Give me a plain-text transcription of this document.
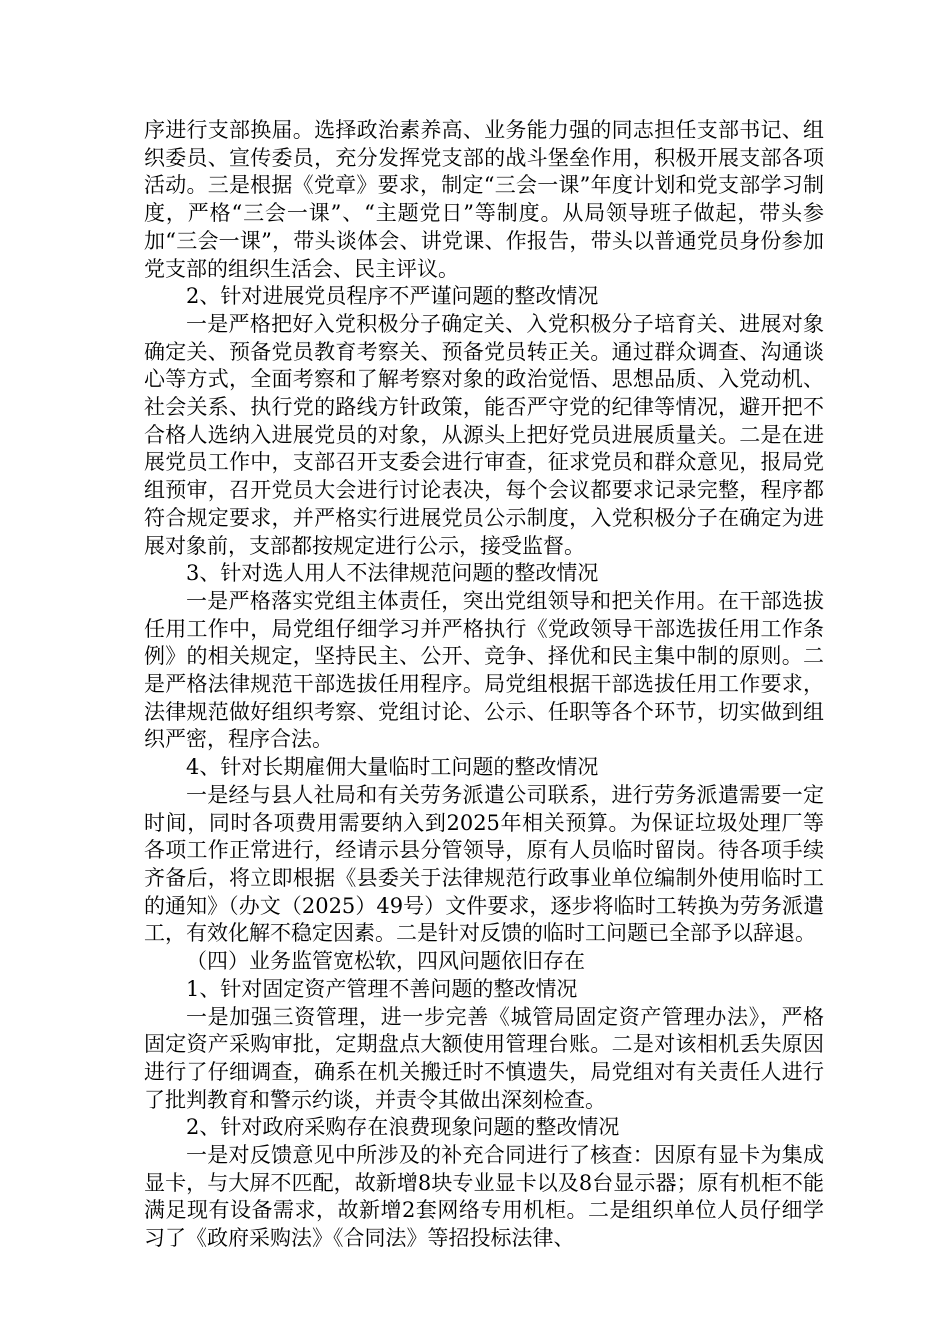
序进行支部换届。选择政治素养高、业务能力强的同志担任支部书记、组织委员、宣传委员，充分发挥党支部的战斗堡垒作用，积极开展支部各项活动。三是根据《党章》要求，制定“三会一课”年度计划和党支部学习制度，严格“三会一课”、“主题党日”等制度。从局领导班子做起，带头参加“三会一课”，带头谈体会、讲党课、作报告，带头以普通党员身份参加党支部的组织生活会、民主评议。

2、针对进展党员程序不严谨问题的整改情况

一是严格把好入党积极分子确定关、入党积极分子培育关、进展对象确定关、预备党员教育考察关、预备党员转正关。通过群众调查、沟通谈心等方式，全面考察和了解考察对象的政治觉悟、思想品质、入党动机、社会关系、执行党的路线方针政策，能否严守党的纪律等情况，避开把不合格人选纳入进展党员的对象，从源头上把好党员进展质量关。二是在进展党员工作中，支部召开支委会进行审查，征求党员和群众意见，报局党组预审，召开党员大会进行讨论表决，每个会议都要求记录完整，程序都符合规定要求，并严格实行进展党员公示制度，入党积极分子在确定为进展对象前，支部都按规定进行公示，接受监督。

3、针对选人用人不法律规范问题的整改情况

一是严格落实党组主体责任，突出党组领导和把关作用。在干部选拔任用工作中，局党组仔细学习并严格执行《党政领导干部选拔任用工作条例》的相关规定，坚持民主、公开、竞争、择优和民主集中制的原则。二是严格法律规范干部选拔任用程序。局党组根据干部选拔任用工作要求，法律规范做好组织考察、党组讨论、公示、任职等各个环节，切实做到组织严密，程序合法。

4、针对长期雇佣大量临时工问题的整改情况

一是经与县人社局和有关劳务派遣公司联系，进行劳务派遣需要一定时间，同时各项费用需要纳入到2025年相关预算。为保证垃圾处理厂等各项工作正常进行，经请示县分管领导，原有人员临时留岗。待各项手续齐备后，将立即根据《县委关于法律规范行政事业单位编制外使用临时工的通知》（办文（2025）49号）文件要求，逐步将临时工转换为劳务派遣工，有效化解不稳定因素。二是针对反馈的临时工问题已全部予以辞退。

（四）业务监管宽松软，四风问题依旧存在

1、针对固定资产管理不善问题的整改情况

一是加强三资管理，进一步完善《城管局固定资产管理办法》，严格固定资产采购审批，定期盘点大额使用管理台账。二是对该相机丢失原因进行了仔细调查，确系在机关搬迁时不慎遗失，局党组对有关责任人进行了批判教育和警示约谈，并责令其做出深刻检查。

2、针对政府采购存在浪费现象问题的整改情况

一是对反馈意见中所涉及的补充合同进行了核查：因原有显卡为集成显卡，与大屏不匹配，故新增8块专业显卡以及8台显示器；原有机柜不能满足现有设备需求，故新增2套网络专用机柜。二是组织单位人员仔细学习了《政府采购法》《合同法》等招投标法律、
